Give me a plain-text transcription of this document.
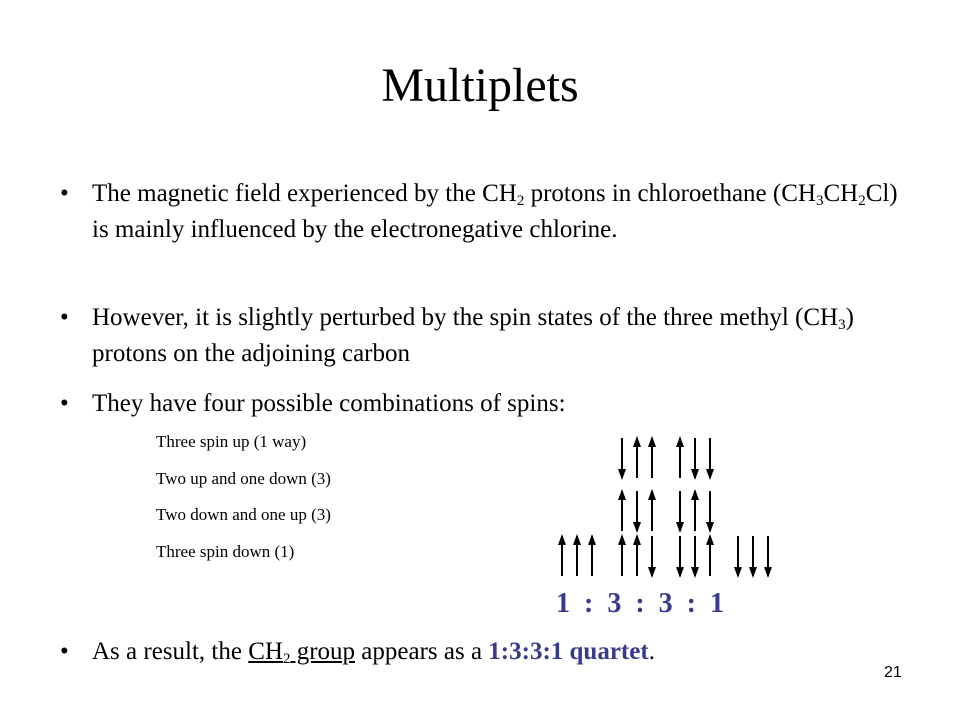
Multiplets
• The magnetic field experienced by the $CH_2$ protons in chloroethane $(CH_3CH_2Cl)$ is mainly influenced by the electronegative chlorine.
• However, it is slightly perturbed by the spin states of the three methyl $(CH_3)$ protons on the adjoining carbon
• They have four possible combinations of spins:
Three spin up (1 way)
Two up and one down (3)
Two down and one up (3)
Three spin down (1)
1  :  3  :  3  :  1
• As a result, the $CH_2$ group appears as a 1:3:3:1 quartet.
21
